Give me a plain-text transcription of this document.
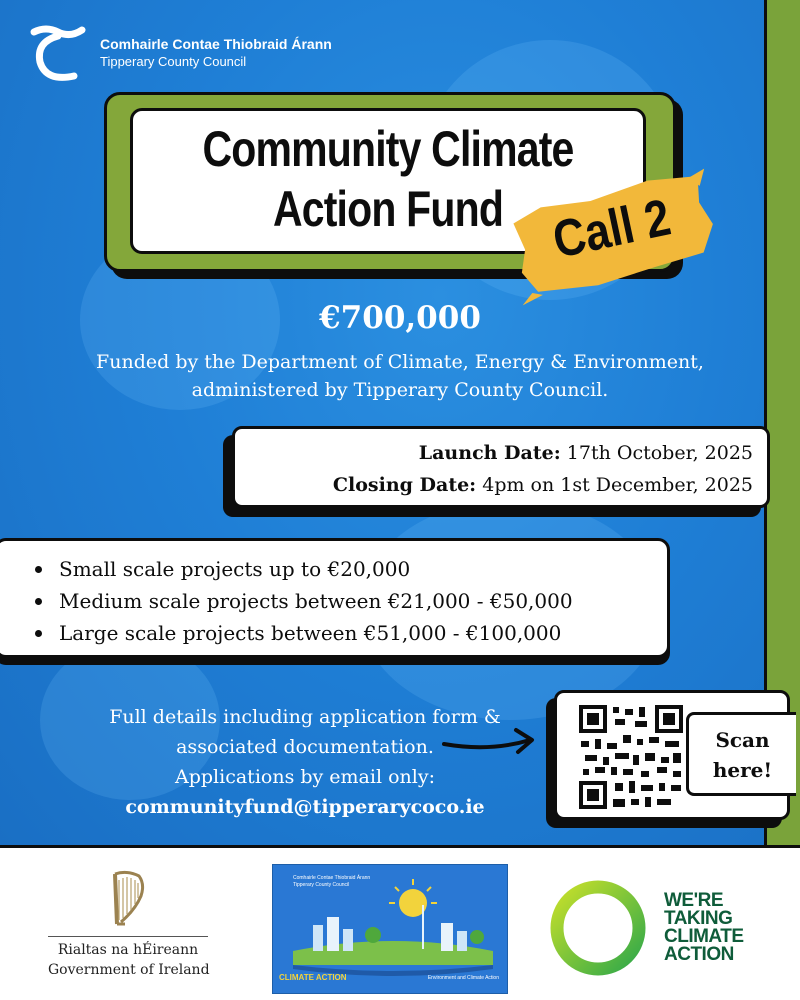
Comhairle Contae Thiobraid Árann
Tipperary County Council
Community Climate Action Fund Call 2
€700,000
Funded by the Department of Climate, Energy & Environment,
administered by Tipperary County Council.
Launch Date: 17th October, 2025
Closing Date: 4pm on 1st December, 2025
Small scale projects up to €20,000
Medium scale projects between €21,000 - €50,000
Large scale projects between €51,000 - €100,000
Full details including application form &
associated documentation.
Applications by email only:
communityfund@tipperarycoco.ie
Scan
here!
Rialtas na hÉireann
Government of Ireland
Comhairle Contae Thiobraid Árann
Tipperary County Council
CLIMATE ACTION	Environment and Climate Action
WE'RE
TAKING
CLIMATE
ACTION
